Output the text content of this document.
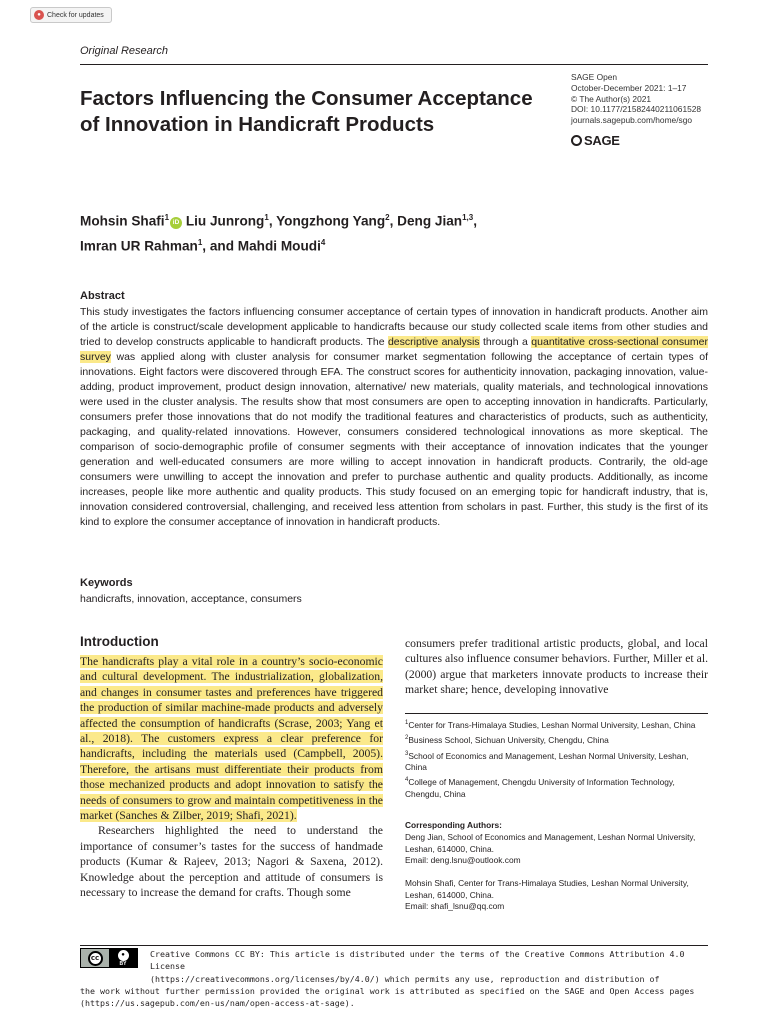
● Check for updates
Original Research
SAGE Open
October-December 2021: 1–17
© The Author(s) 2021
DOI: 10.1177/21582440211061528
journals.sagepub.com/home/sgo
SAGE
Factors Influencing the Consumer Acceptance of Innovation in Handicraft Products
Mohsin Shafi$^1$iD Liu Junrong$^1$, Yongzhong Yang$^2$, Deng Jian$^{1,3}$,
Imran UR Rahman$^1$, and Mahdi Moudi$^4$
Abstract
This study investigates the factors influencing consumer acceptance of certain types of innovation in handicraft products. Another aim of the article is construct/scale development applicable to handicrafts because our study collected scale items from other studies and tried to develop constructs applicable to handicraft products. The descriptive analysis through a quantitative cross-sectional consumer survey was applied along with cluster analysis for consumer market segmentation following the acceptance of certain types of innovations. Eight factors were discovered through EFA. The construct scores for authenticity innovation, packaging innovation, value-adding, product improvement, product design innovation, alternative/ new materials, quality materials, and technological innovations were used in the cluster analysis. The results show that most consumers are open to accepting innovation in handicrafts. Particularly, consumers prefer those innovations that do not modify the traditional features and characteristics of products, such as authenticity, packaging, and quality-related innovations. However, consumers considered technological innovations as more skeptical. The comparison of socio-demographic profile of consumer segments with their acceptance of innovation indicates that the younger generation and well-educated consumers are more willing to accept innovation in handicraft products. Contrarily, the old-age consumers were unwilling to accept the innovation and prefer to purchase authentic and quality products. Additionally, as income increases, people like more authentic and quality products. This study focused on an emerging topic for handicraft industry, that is, innovation considered controversial, challenging, and received less attention from scholars in past. Further, this study is the first of its kind to explore the consumer acceptance of innovation in handicraft products.
Keywords
handicrafts, innovation, acceptance, consumers
Introduction

The handicrafts play a vital role in a country’s socio-economic and cultural development. The industrialization, globalization, and changes in consumer tastes and preferences have triggered the production of similar machine-made products and adversely affected the consumption of handicrafts (Scrase, 2003; Yang et al., 2018). The customers express a clear preference for handicrafts, including the materials used (Campbell, 2005). Therefore, the artisans must differentiate their products from those mechanized products and adopt innovation to satisfy the needs of consumers to grow and maintain competitiveness in the market (Sanches & Zilber, 2019; Shafi, 2021).

Researchers highlighted the need to understand the importance of consumer’s tastes for the success of handmade products (Kumar & Rajeev, 2013; Nagori & Saxena, 2012). Knowledge about the perception and attitude of consumers is necessary to increase the demand for crafts. Though some

consumers prefer traditional artistic products, global, and local cultures also influence consumer behaviors. Further, Miller et al. (2000) argue that marketers innovate products to increase their market share; hence, developing innovative
$^1$Center for Trans-Himalaya Studies, Leshan Normal University, Leshan, China
$^2$Business School, Sichuan University, Chengdu, China
$^3$School of Economics and Management, Leshan Normal University, Leshan, China
$^4$College of Management, Chengdu University of Information Technology, Chengdu, China
Corresponding Authors:
Deng Jian, School of Economics and Management, Leshan Normal University, Leshan, 614000, China.
Email: deng.lsnu@outlook.com
Mohsin Shafi, Center for Trans-Himalaya Studies, Leshan Normal University, Leshan, 614000, China.
Email: shafi_lsnu@qq.com
cc	●
BY
Creative Commons CC BY: This article is distributed under the terms of the Creative Commons Attribution 4.0 License
(https://creativecommons.org/licenses/by/4.0/) which permits any use, reproduction and distribution of
the work without further permission provided the original work is attributed as specified on the SAGE and Open Access pages
(https://us.sagepub.com/en-us/nam/open-access-at-sage).
